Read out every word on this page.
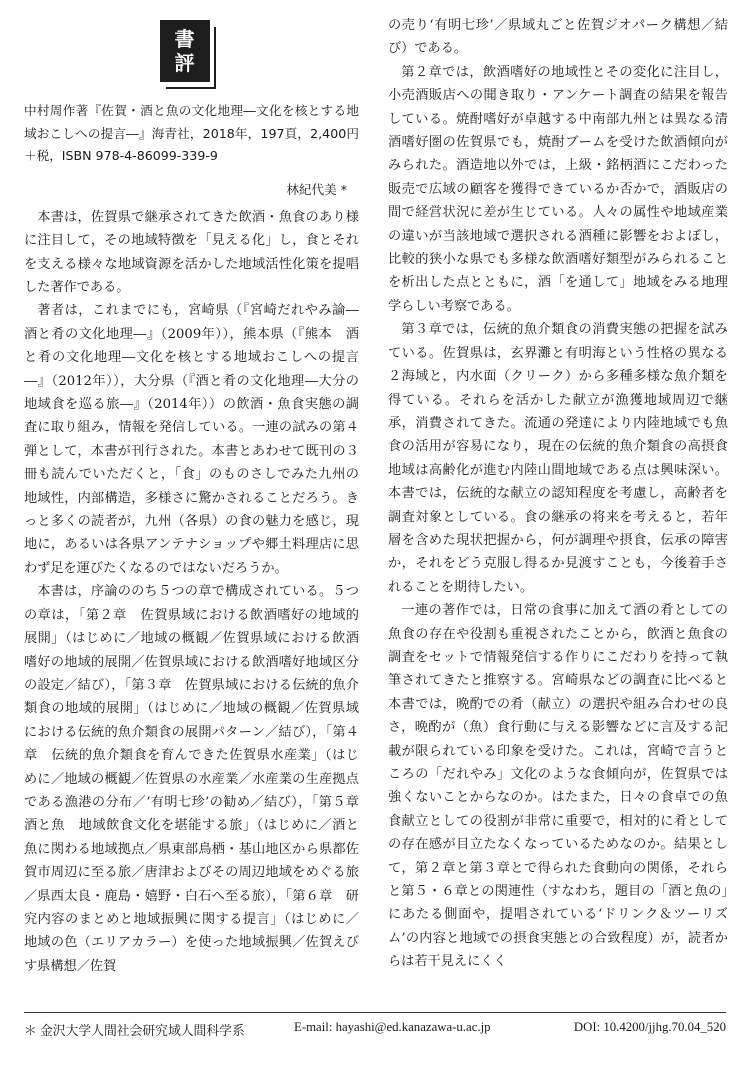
書
評
中村周作著『佐賀・酒と魚の文化地理―文化を核とする地域おこしへの提言―』海青社，2018年，197頁，2,400円＋税，ISBN 978-4-86099-339-9
林紀代美 *

本書は，佐賀県で継承されてきた飲酒・魚食のあり様に注目して，その地域特徴を「見える化」し，食とそれを支える様々な地域資源を活かした地域活性化策を提唱した著作である。

著者は，これまでにも，宮崎県（『宮崎だれやみ論―酒と肴の文化地理―』（2009年）），熊本県（『熊本　酒と肴の文化地理―文化を核とする地域おこしへの提言―』（2012年）），大分県（『酒と肴の文化地理―大分の地域食を巡る旅―』（2014年））の飲酒・魚食実態の調査に取り組み，情報を発信している。一連の試みの第４弾として，本書が刊行された。本書とあわせて既刊の３冊も読んでいただくと，「食」のものさしでみた九州の地域性，内部構造，多様さに驚かされることだろう。きっと多くの読者が，九州（各県）の食の魅力を感じ，現地に，あるいは各県アンテナショップや郷土料理店に思わず足を運びたくなるのではないだろうか。

本書は，序論ののち５つの章で構成されている。５つの章は，「第２章　佐賀県域における飲酒嗜好の地域的展開」（はじめに／地域の概観／佐賀県域における飲酒嗜好の地域的展開／佐賀県域における飲酒嗜好地域区分の設定／結び），「第３章　佐賀県域における伝統的魚介類食の地域的展開」（はじめに／地域の概観／佐賀県域における伝統的魚介類食の展開パターン／結び），「第４章　伝統的魚介類食を育んできた佐賀県水産業」（はじめに／地域の概観／佐賀県の水産業／水産業の生産拠点である漁港の分布／‘有明七珍’の勧め／結び），「第５章　酒と魚　地域飲食文化を堪能する旅」（はじめに／酒と魚に関わる地域拠点／県東部鳥栖・基山地区から県都佐賀市周辺に至る旅／唐津およびその周辺地域をめぐる旅／県西太良・鹿島・嬉野・白石へ至る旅），「第６章　研究内容のまとめと地域振興に関する提言」（はじめに／地域の色（エリアカラー）を使った地域振興／佐賀えびす県構想／佐賀

の売り‘有明七珍’／県域丸ごと佐賀ジオパーク構想／結び）である。

第２章では，飲酒嗜好の地域性とその変化に注目し，小売酒販店への聞き取り・アンケート調査の結果を報告している。焼酎嗜好が卓越する中南部九州とは異なる清酒嗜好圏の佐賀県でも，焼酎ブームを受けた飲酒傾向がみられた。酒造地以外では，上級・銘柄酒にこだわった販売で広域の顧客を獲得できているか否かで，酒販店の間で経営状況に差が生じている。人々の属性や地域産業の違いが当該地域で選択される酒種に影響をおよぼし，比較的狭小な県でも多様な飲酒嗜好類型がみられることを析出した点とともに，酒「を通して」地域をみる地理学らしい考察である。

第３章では，伝統的魚介類食の消費実態の把握を試みている。佐賀県は，玄界灘と有明海という性格の異なる２海域と，内水面（クリーク）から多種多様な魚介類を得ている。それらを活かした献立が漁獲地域周辺で継承，消費されてきた。流通の発達により内陸地域でも魚食の活用が容易になり，現在の伝統的魚介類食の高摂食地域は高齢化が進む内陸山間地域である点は興味深い。本書では，伝統的な献立の認知程度を考慮し，高齢者を調査対象としている。食の継承の将来を考えると，若年層を含めた現状把握から，何が調理や摂食，伝承の障害か，それをどう克服し得るか見渡すことも，今後着手されることを期待したい。

一連の著作では，日常の食事に加えて酒の肴としての魚食の存在や役割も重視されたことから，飲酒と魚食の調査をセットで情報発信する作りにこだわりを持って執筆されてきたと推察する。宮崎県などの調査に比べると本書では，晩酌での肴（献立）の選択や組み合わせの良さ，晩酌が（魚）食行動に与える影響などに言及する記載が限られている印象を受けた。これは，宮崎で言うところの「だれやみ」文化のような食傾向が，佐賀県では強くないことからなのか。はたまた，日々の食卓での魚食献立としての役割が非常に重要で，相対的に肴としての存在感が目立たなくなっているためなのか。結果として，第２章と第３章とで得られた食動向の関係，それらと第５・６章との関連性（すなわち，題目の「酒と魚の」にあたる側面や，提唱されている‘ドリンク＆ツーリズム’の内容と地域での摂食実態との合致程度）が，読者からは若干見えにくく

＊ 金沢大学人間社会研究域人間科学系	E-mail: hayashi@ed.kanazawa-u.ac.jp	DOI: 10.4200/jjhg.70.04_520
